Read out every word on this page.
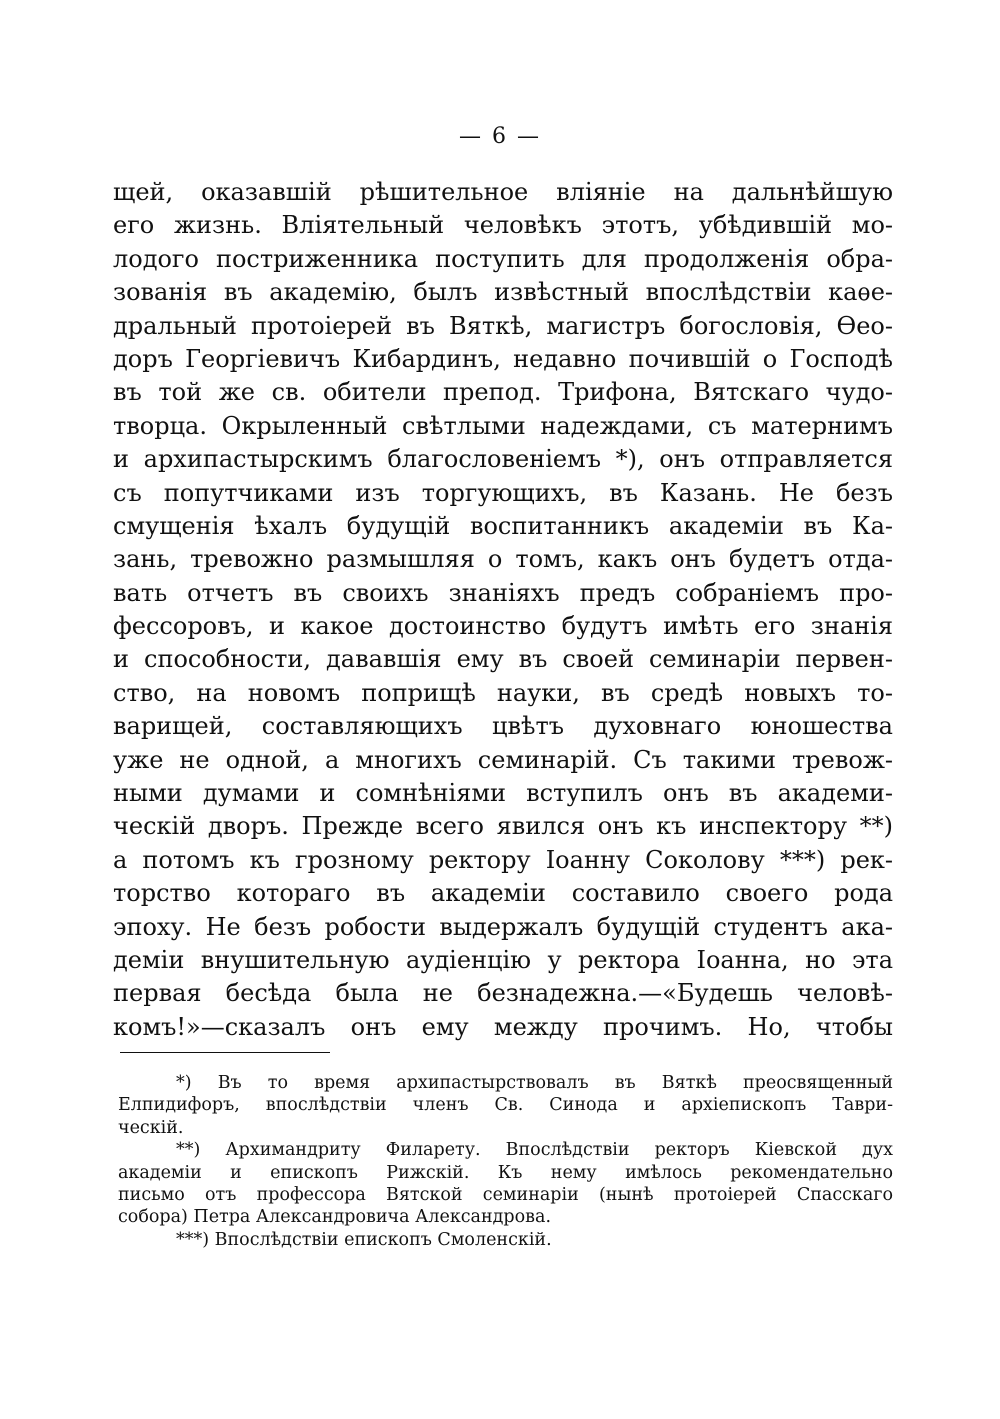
— 6 —
щей, оказавшій рѣшительное вліяніе на дальнѣйшую
его жизнь. Вліятельный человѣкъ этотъ, убѣдившій мо-
лодого постриженника поступить для продолженія обра-
зованія въ академію, былъ извѣстный впослѣдствіи каѳе-
дральный протоіерей въ Вяткѣ, магистръ богословія, Ѳео-
доръ Георгіевичъ Кибардинъ, недавно почившій о Господѣ
въ той же св. обители препод. Трифона, Вятскаго чудо-
творца. Окрыленный свѣтлыми надеждами, съ матернимъ
и архипастырскимъ благословеніемъ *), онъ отправляется
съ попутчиками изъ торгующихъ, въ Казань. Не безъ
смущенія ѣхалъ будущій воспитанникъ академіи въ Ка-
зань, тревожно размышляя о томъ, какъ онъ будетъ отда-
вать отчетъ въ своихъ знаніяхъ предъ собраніемъ про-
фессоровъ, и какое достоинство будутъ имѣть его знанія
и способности, дававшія ему въ своей семинаріи первен-
ство, на новомъ поприщѣ науки, въ средѣ новыхъ то-
варищей, составляющихъ цвѣтъ духовнаго юношества
уже не одной, а многихъ семинарій. Съ такими тревож-
ными думами и сомнѣніями вступилъ онъ въ академи-
ческій дворъ. Прежде всего явился онъ къ инспектору **)
а потомъ къ грозному ректору Іоанну Соколову ***) рек-
торство котораго въ академіи составило своего рода
эпоху. Не безъ робости выдержалъ будущій студентъ ака-
деміи внушительную аудіенцію у ректора Іоанна, но эта
первая бесѣда была не безнадежна.—«Будешь человѣ-
комъ!»—сказалъ онъ ему между прочимъ. Но, чтобы
*) Въ то время архипастырствовалъ въ Вяткѣ преосвященный
Елпидифоръ, впослѣдствіи членъ Св. Синода и архіепископъ Таври-
ческій.
**) Архимандриту Филарету. Впослѣдствіи ректоръ Кіевской дух
академіи и епископъ Рижскій. Къ нему имѣлось рекомендательно
письмо отъ профессора Вятской семинаріи (нынѣ протоіерей Спасскаго
собора) Петра Александровича Александрова.
***) Впослѣдствіи епископъ Смоленскій.
